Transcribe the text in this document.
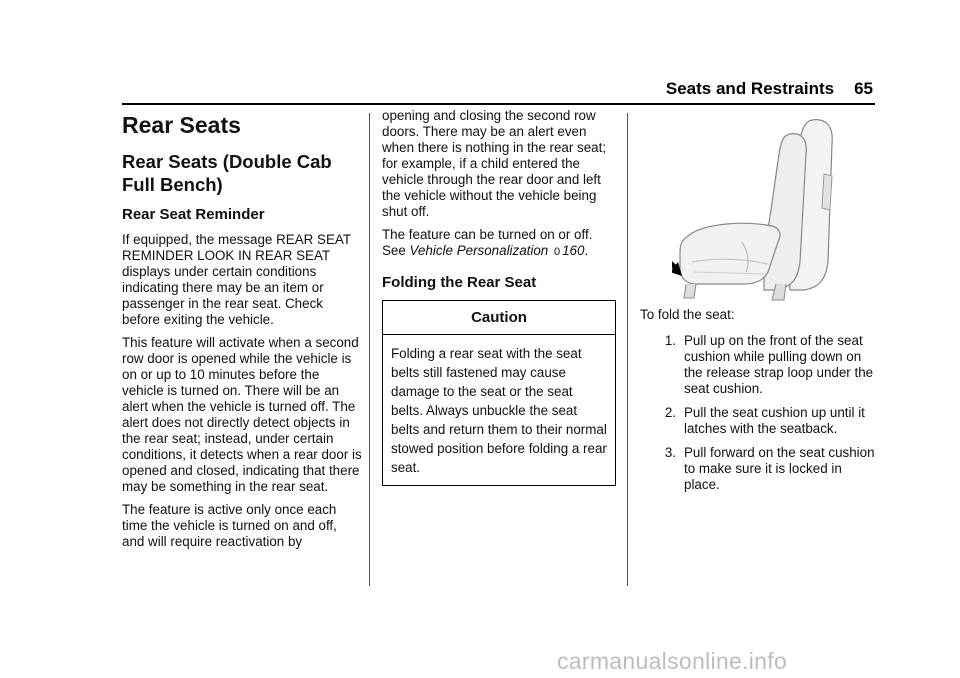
Seats and Restraints 65
Rear Seats
Rear Seats (Double Cab Full Bench)
Rear Seat Reminder

If equipped, the message REAR SEAT REMINDER LOOK IN REAR SEAT displays under certain conditions indicating there may be an item or passenger in the rear seat. Check before exiting the vehicle.

This feature will activate when a second row door is opened while the vehicle is on or up to 10 minutes before the vehicle is turned on. There will be an alert when the vehicle is turned off. The alert does not directly detect objects in the rear seat; instead, under certain conditions, it detects when a rear door is opened and closed, indicating that there may be something in the rear seat.

The feature is active only once each time the vehicle is turned on and off, and will require reactivation by

opening and closing the second row doors. There may be an alert even when there is nothing in the rear seat; for example, if a child entered the vehicle through the rear door and left the vehicle without the vehicle being shut off.

The feature can be turned on or off. See Vehicle Personalization 0 160.

Folding the Rear Seat
Caution
Folding a rear seat with the seat belts still fastened may cause damage to the seat or the seat belts. Always unbuckle the seat belts and return them to their normal stowed position before folding a rear seat.

To fold the seat:

1. Pull up on the front of the seat cushion while pulling down on the release strap loop under the seat cushion.
2. Pull the seat cushion up until it latches with the seatback.
3. Pull forward on the seat cushion to make sure it is locked in place.
carmanualsonline.info
